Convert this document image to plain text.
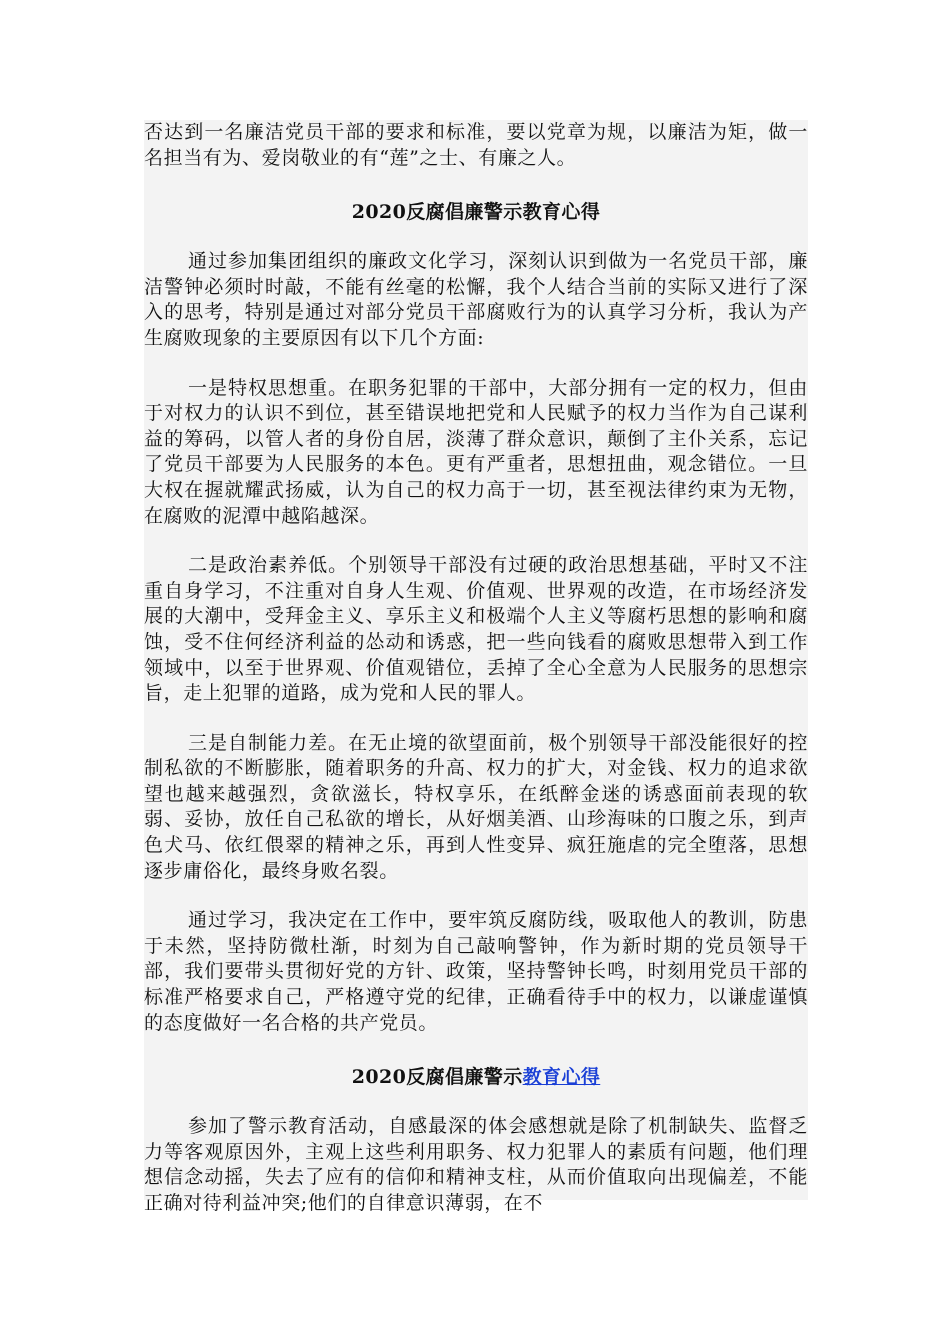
否达到一名廉洁党员干部的要求和标准，要以党章为规，以廉洁为矩，做一名担当有为、爱岗敬业的有“莲”之士、有廉之人。

2020反腐倡廉警示教育心得

通过参加集团组织的廉政文化学习，深刻认识到做为一名党员干部，廉洁警钟必须时时敲，不能有丝毫的松懈，我个人结合当前的实际又进行了深入的思考，特别是通过对部分党员干部腐败行为的认真学习分析，我认为产生腐败现象的主要原因有以下几个方面:

一是特权思想重。在职务犯罪的干部中，大部分拥有一定的权力，但由于对权力的认识不到位，甚至错误地把党和人民赋予的权力当作为自己谋利益的筹码，以管人者的身份自居，淡薄了群众意识，颠倒了主仆关系，忘记了党员干部要为人民服务的本色。更有严重者，思想扭曲，观念错位。一旦大权在握就耀武扬威，认为自己的权力高于一切，甚至视法律约束为无物，在腐败的泥潭中越陷越深。

二是政治素养低。个别领导干部没有过硬的政治思想基础，平时又不注重自身学习，不注重对自身人生观、价值观、世界观的改造，在市场经济发展的大潮中，受拜金主义、享乐主义和极端个人主义等腐朽思想的影响和腐蚀，受不住何经济利益的怂动和诱惑，把一些向钱看的腐败思想带入到工作领域中，以至于世界观、价值观错位，丢掉了全心全意为人民服务的思想宗旨，走上犯罪的道路，成为党和人民的罪人。

三是自制能力差。在无止境的欲望面前，极个别领导干部没能很好的控制私欲的不断膨胀，随着职务的升高、权力的扩大，对金钱、权力的追求欲望也越来越强烈，贪欲滋长，特权享乐，在纸醉金迷的诱惑面前表现的软弱、妥协，放任自己私欲的增长，从好烟美酒、山珍海味的口腹之乐，到声色犬马、依红偎翠的精神之乐，再到人性变异、疯狂施虐的完全堕落，思想逐步庸俗化，最终身败名裂。

通过学习，我决定在工作中，要牢筑反腐防线，吸取他人的教训，防患于未然，坚持防微杜渐，时刻为自己敲响警钟，作为新时期的党员领导干部，我们要带头贯彻好党的方针、政策，坚持警钟长鸣，时刻用党员干部的标准严格要求自己，严格遵守党的纪律，正确看待手中的权力，以谦虚谨慎的态度做好一名合格的共产党员。

2020反腐倡廉警示教育心得

参加了警示教育活动，自感最深的体会感想就是除了机制缺失、监督乏力等客观原因外，主观上这些利用职务、权力犯罪人的素质有问题，他们理想信念动摇，失去了应有的信仰和精神支柱，从而价值取向出现偏差，不能正确对待利益冲突;他们的自律意识薄弱，在不
